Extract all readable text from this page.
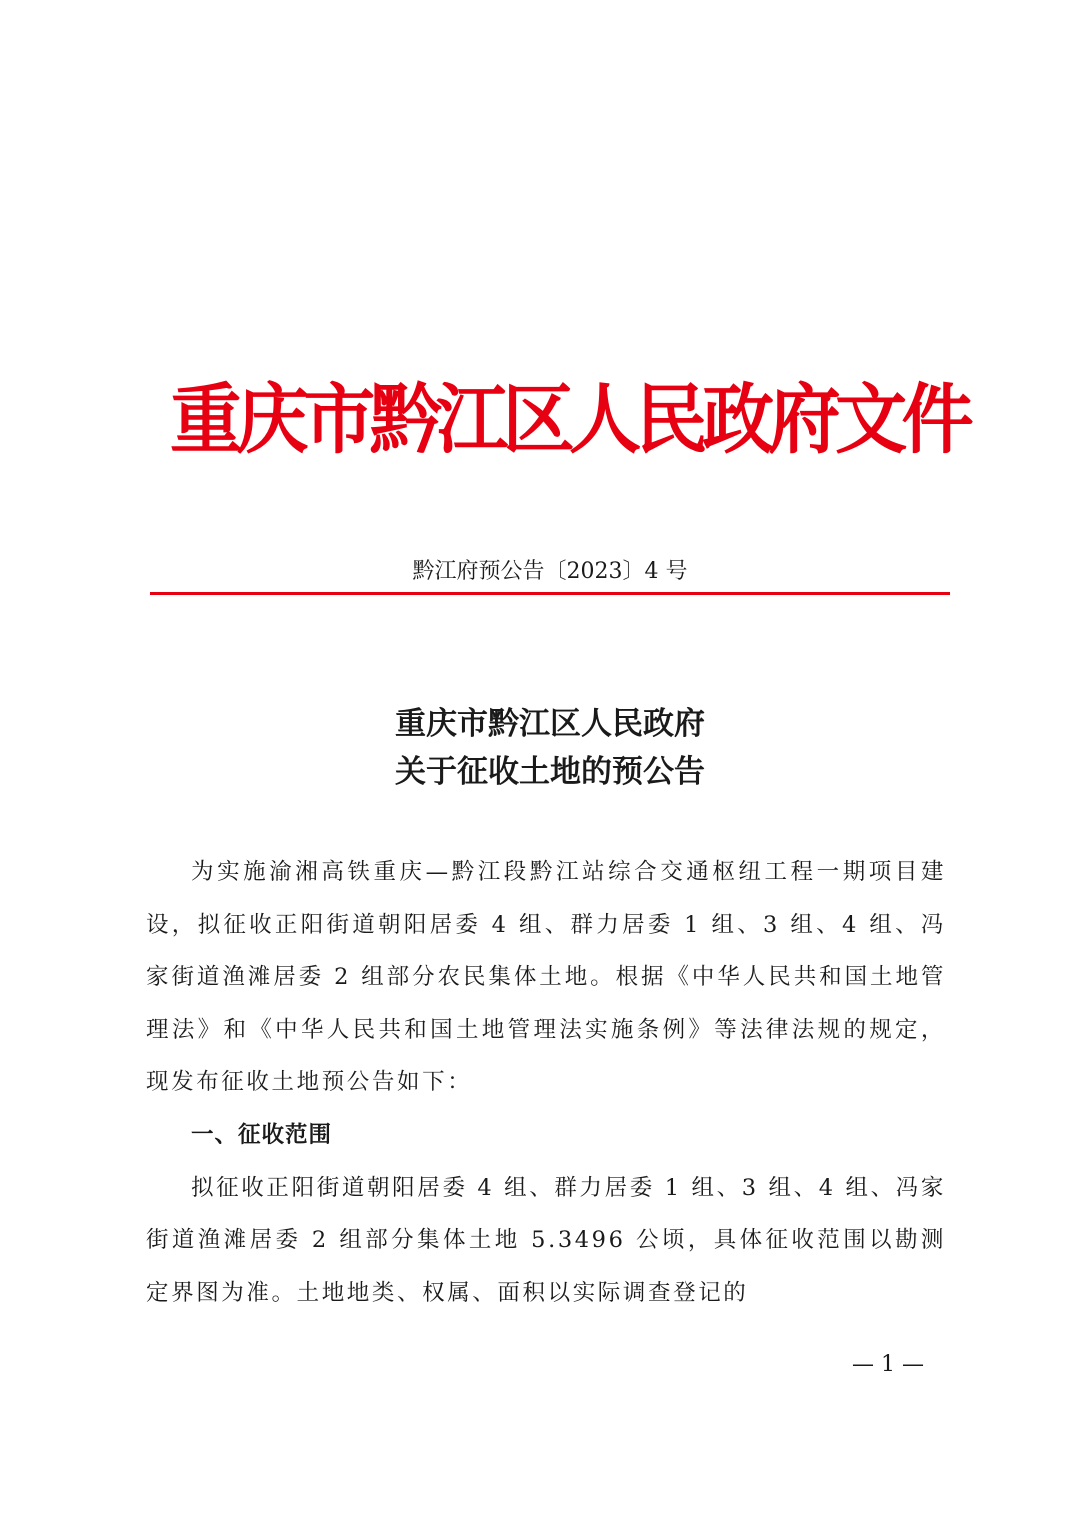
重庆市黔江区人民政府文件
黔江府预公告〔2023〕4 号
重庆市黔江区人民政府
关于征收土地的预公告

为实施渝湘高铁重庆—黔江段黔江站综合交通枢纽工程一期项目建设，拟征收正阳街道朝阳居委 4 组、群力居委 1 组、3 组、4 组、冯家街道渔滩居委 2 组部分农民集体土地。根据《中华人民共和国土地管理法》和《中华人民共和国土地管理法实施条例》等法律法规的规定，现发布征收土地预公告如下：

一、征收范围

拟征收正阳街道朝阳居委 4 组、群力居委 1 组、3 组、4 组、冯家街道渔滩居委 2 组部分集体土地 5.3496 公顷，具体征收范围以勘测定界图为准。土地地类、权属、面积以实际调查登记的

— 1 —
